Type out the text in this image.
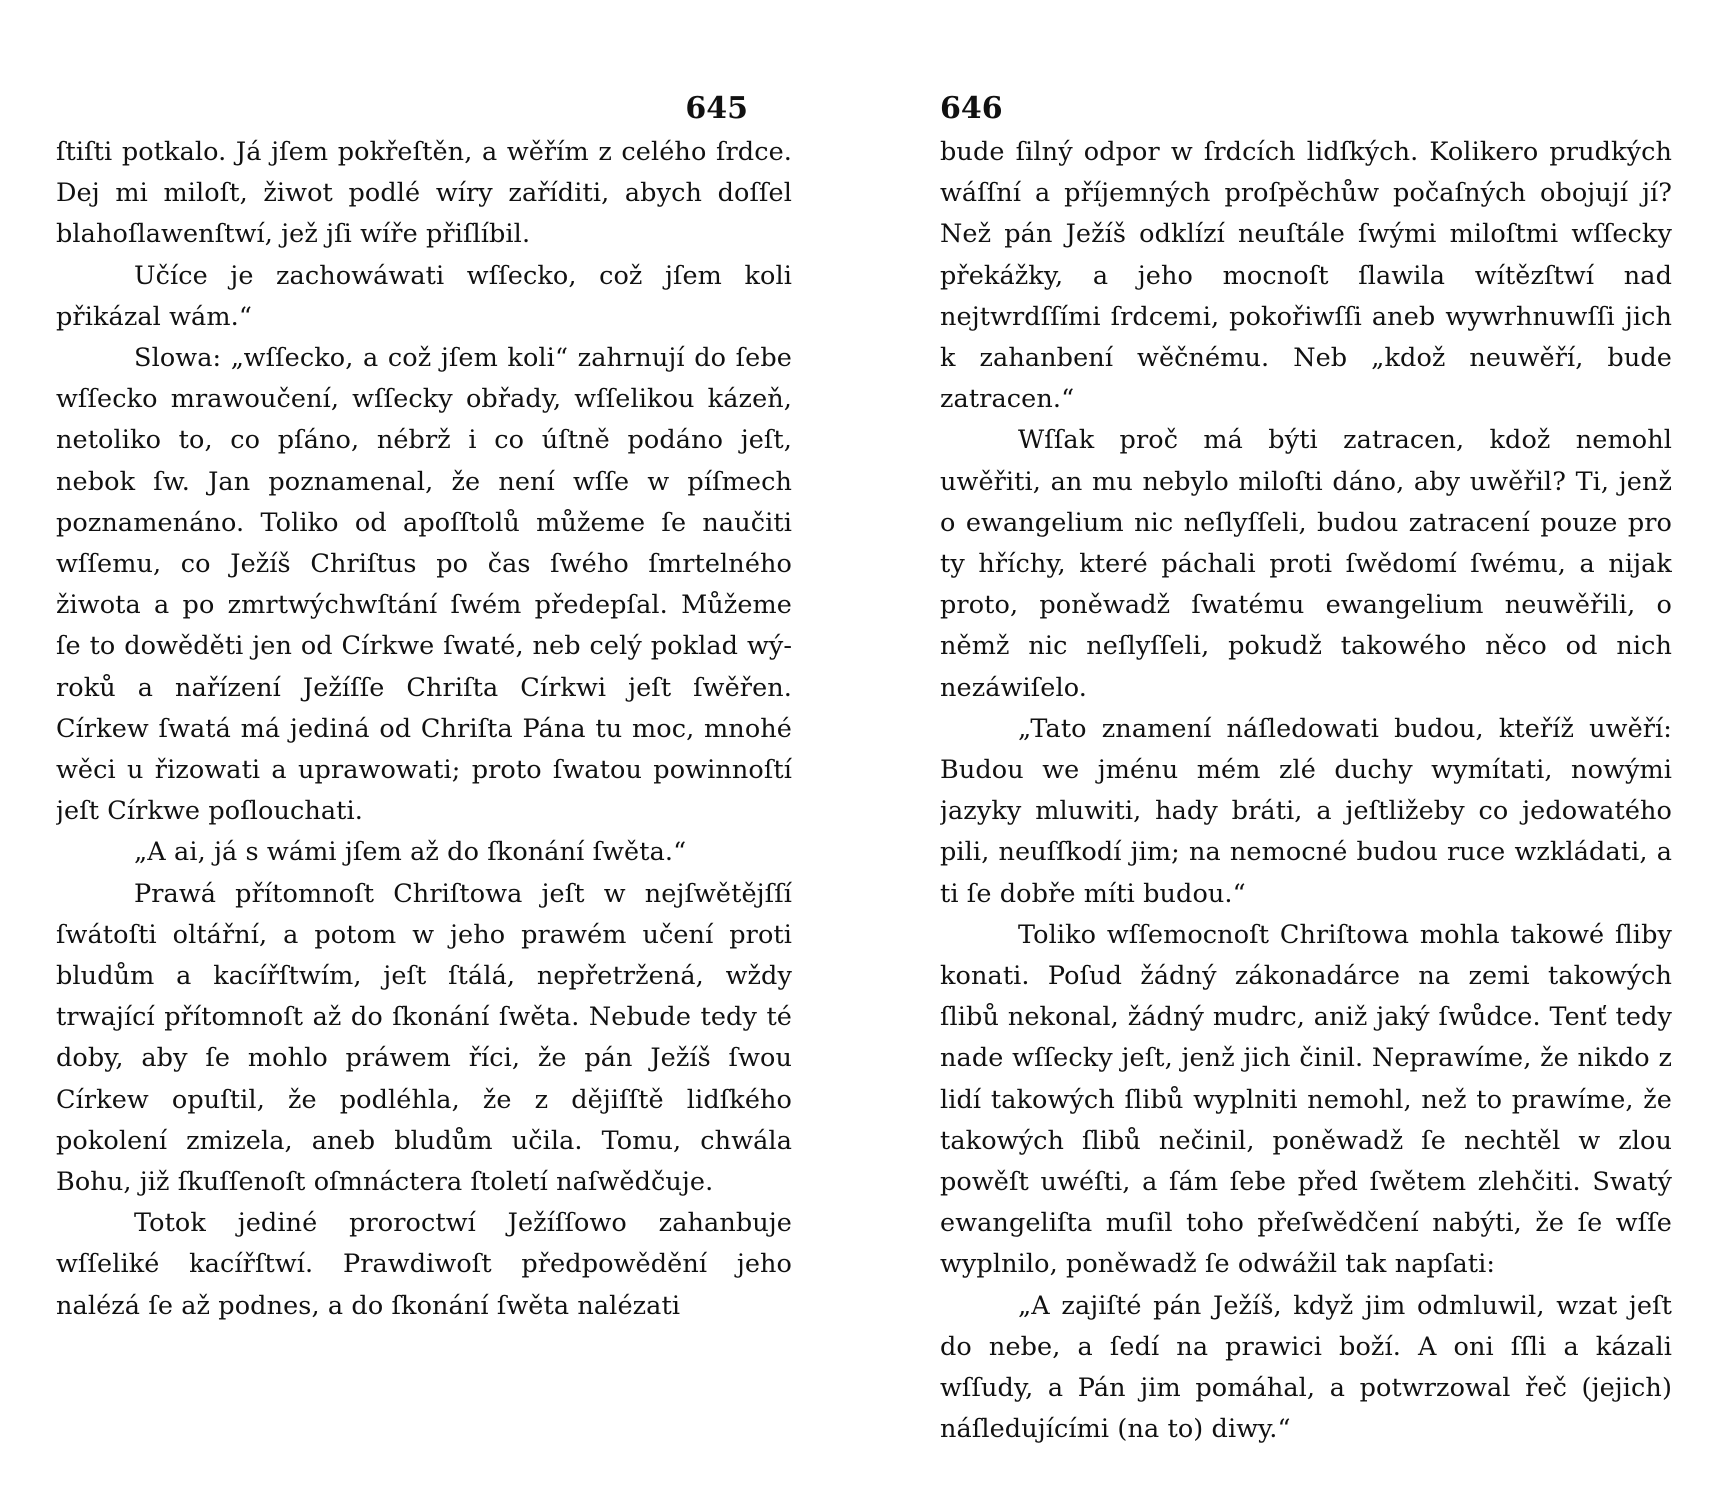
645

ſtiſti potkalo. Já jſem pokřeſtěn, a wěřím z celého ſrdce. Dej mi miloſt, žiwot podlé wíry zaříditi, abych doſſel blahoſlawenſtwí, jež jſi wíře přiſlíbil.

Učíce je zachowáwati wſſecko, což jſem koli přikázal wám.“

Slowa: „wſſecko, a což jſem koli“ zahrnují do ſebe wſſecko mrawoučení, wſſecky obřady, wſſelikou kázeň, netoliko to, co pſáno, nébrž i co úſtně podáno jeſt, nebok ſw. Jan poznamenal, že není wſſe w píſmech poznamenáno. Toliko od apoſſtolů můžeme ſe naučiti wſſemu, co Ježíš Chriſtus po čas ſwého ſmrtelného žiwota a po zmrtwýchwſtání ſwém předepſal. Můžeme ſe to dowěděti jen od Církwe ſwaté, neb celý poklad wýroků a nařízení Ježíſſe Chriſta Církwi jeſt ſwěřen. Církew ſwatá má jediná od Chriſta Pána tu moc, mnohé wěci u řizowati a uprawowati; proto ſwatou powinnoſtí jeſt Církwe poſlouchati.

„A ai, já s wámi jſem až do ſkonání ſwěta.“

Prawá přítomnoſt Chriſtowa jeſt w nejſwětějſſí ſwátoſti oltářní, a potom w jeho prawém učení proti bludům a kacířſtwím, jeſt ſtálá, nepřetržená, wždy trwající přítomnoſt až do ſkonání ſwěta. Nebude tedy té doby, aby ſe mohlo práwem říci, že pán Ježíš ſwou Církew opuſtil, že podléhla, že z dějiſſtě lidſkého pokolení zmizela, aneb bludům učila. Tomu, chwála Bohu, již ſkuſſenoſt oſmnáctera ſtoletí naſwědčuje.

Totok jediné proroctwí Ježíſſowo zahanbuje wſſeliké kacířſtwí. Prawdiwoſt předpowědění jeho nalézá ſe až podnes, a do ſkonání ſwěta nalézati

646

bude ſilný odpor w ſrdcích lidſkých. Kolikero prudkých wáſſní a příjemných proſpěchůw počaſných obojují jí? Než pán Ježíš odklízí neuſtále ſwými miloſtmi wſſecky překážky, a jeho mocnoſt ſlawila wítězſtwí nad nejtwrdſſími ſrdcemi, pokořiwſſi aneb wywrhnuwſſi jich k zahanbení wěčnému. Neb „kdož neuwěří, bude zatracen.“

Wſſak proč má býti zatracen, kdož nemohl uwěřiti, an mu nebylo miloſti dáno, aby uwěřil? Ti, jenž o ewangelium nic neſlyſſeli, budou zatracení pouze pro ty hříchy, které páchali proti ſwědomí ſwému, a nijak proto, poněwadž ſwatému ewangelium neuwěřili, o němž nic neſlyſſeli, pokudž takowého něco od nich nezáwiſelo.

„Tato znamení náſledowati budou, kteříž uwěří: Budou we jménu mém zlé duchy wymítati, nowými jazyky mluwiti, hady bráti, a jeſtližeby co jedowatého pili, neuſſkodí jim; na nemocné budou ruce wzkládati, a ti ſe dobře míti budou.“

Toliko wſſemocnoſt Chriſtowa mohla takowé ſliby konati. Poſud žádný zákonadárce na zemi takowých ſlibů nekonal, žádný mudrc, aniž jaký ſwůdce. Tenť tedy nade wſſecky jeſt, jenž jich činil. Neprawíme, že nikdo z lidí takowých ſlibů wyplniti nemohl, než to prawíme, že takowých ſlibů nečinil, poněwadž ſe nechtěl w zlou powěſt uwéſti, a ſám ſebe před ſwětem zlehčiti. Swatý ewangeliſta muſil toho přeſwědčení nabýti, že ſe wſſe wyplnilo, poněwadž ſe odwážil tak napſati:

„A zajiſté pán Ježíš, když jim odmluwil, wzat jeſt do nebe, a ſedí na prawici boží. A oni ſſli a kázali wſſudy, a Pán jim pomáhal, a potwrzowal řeč (jejich) náſledujícími (na to) diwy.“
